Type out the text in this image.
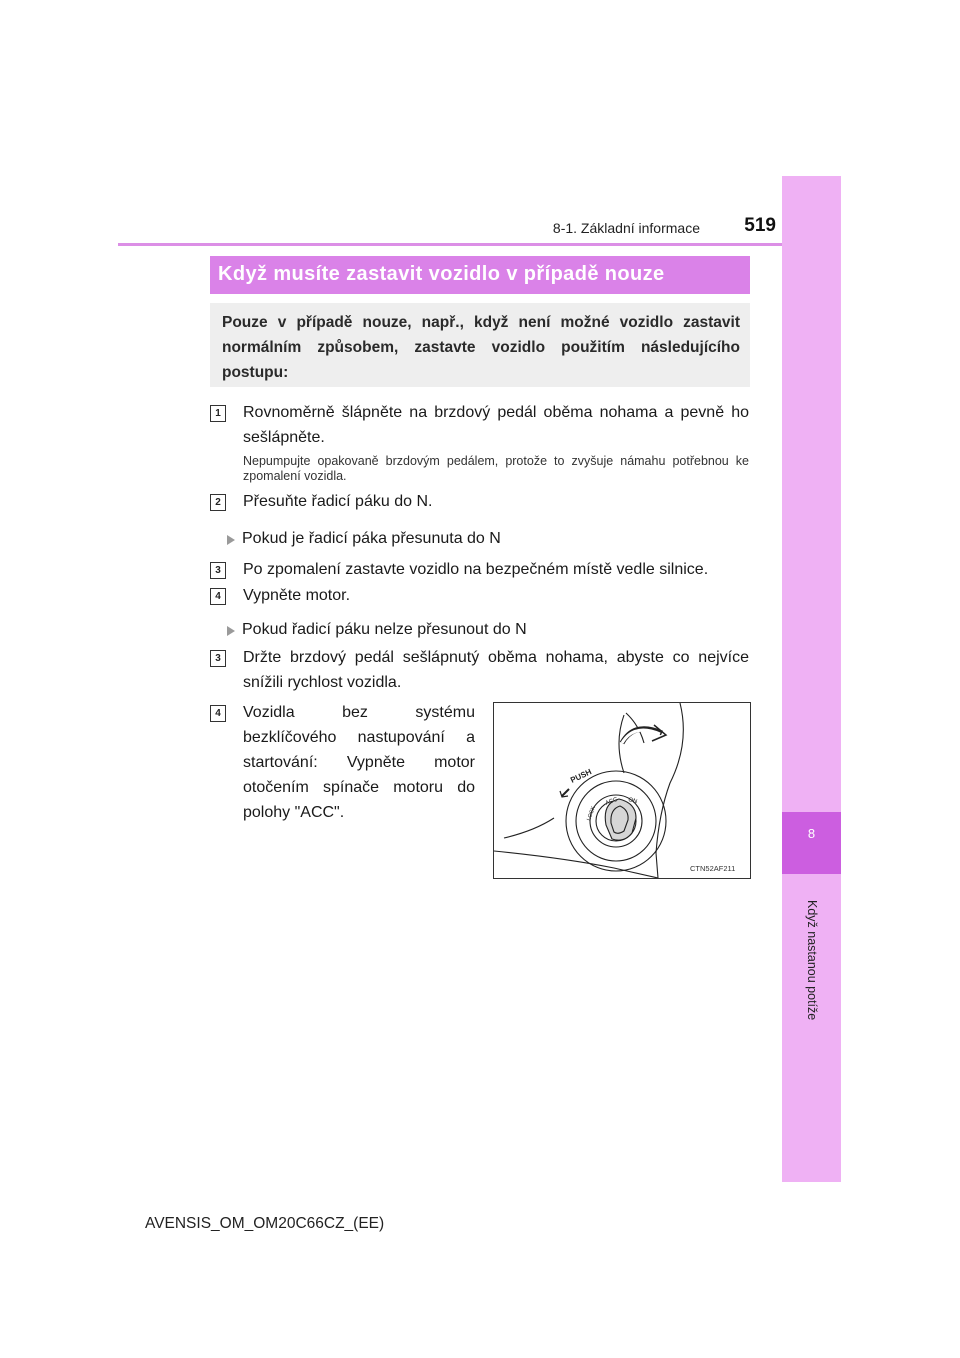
8
Když nastanou potíže
8-1. Základní informace	519
Když musíte zastavit vozidlo v případě nouze
Pouze v případě nouze, např., když není možné vozidlo zastavit normálním způsobem, zastavte vozidlo použitím následujícího postupu:
1	Rovnoměrně šlápněte na brzdový pedál oběma nohama a pevně ho sešlápněte.
Nepumpujte opakovaně brzdovým pedálem, protože to zvyšuje námahu potřebnou ke zpomalení vozidla.
2	Přesuňte řadicí páku do N.
Pokud je řadicí páka přesunuta do N
3	Po zpomalení zastavte vozidlo na bezpečném místě vedle silnice.
4	Vypněte motor.
Pokud řadicí páku nelze přesunout do N
3	Držte brzdový pedál sešlápnutý oběma nohama, abyste co nejvíce snížili rychlost vozidla.
4	Vozidla bez systému bezklíčového nastupování a startování: Vypněte motor otočením spínače motoru do polohy "ACC".
PUSH
ACC ON
LOCK
CTN52AF211
AVENSIS_OM_OM20C66CZ_(EE)
